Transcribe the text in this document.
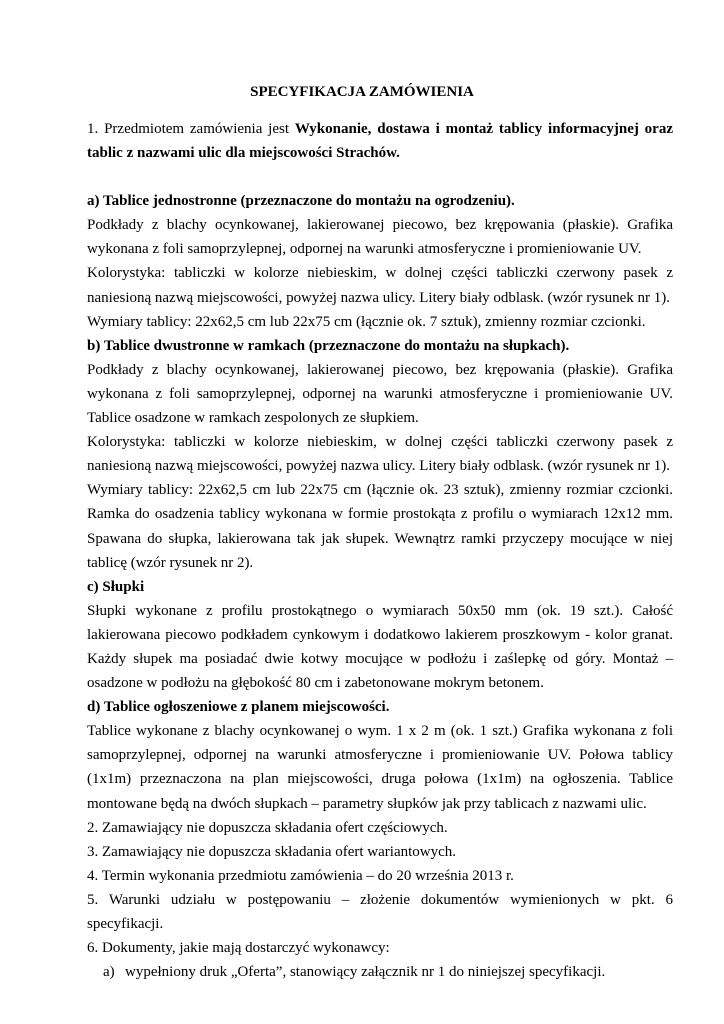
SPECYFIKACJA ZAMÓWIENIA

1. Przedmiotem zamówienia jest Wykonanie, dostawa i montaż tablicy informacyjnej oraz tablic z nazwami ulic dla miejscowości Strachów.

a) Tablice jednostronne (przeznaczone do montażu na ogrodzeniu).

Podkłady z blachy ocynkowanej, lakierowanej piecowo, bez krępowania (płaskie). Grafika wykonana z foli samoprzylepnej, odpornej na warunki atmosferyczne i promieniowanie UV.

Kolorystyka: tabliczki w kolorze niebieskim, w dolnej części tabliczki czerwony pasek z naniesioną nazwą miejscowości, powyżej nazwa ulicy. Litery biały odblask. (wzór rysunek nr 1).

Wymiary tablicy: 22x62,5 cm lub 22x75 cm (łącznie ok. 7 sztuk), zmienny rozmiar czcionki.

b) Tablice dwustronne w ramkach (przeznaczone do montażu na słupkach).

Podkłady z blachy ocynkowanej, lakierowanej piecowo, bez krępowania (płaskie). Grafika wykonana z foli samoprzylepnej, odpornej na warunki atmosferyczne i promieniowanie UV. Tablice osadzone w ramkach zespolonych ze słupkiem.

Kolorystyka: tabliczki w kolorze niebieskim, w dolnej części tabliczki czerwony pasek z naniesioną nazwą miejscowości, powyżej nazwa ulicy. Litery biały odblask. (wzór rysunek nr 1).

Wymiary tablicy: 22x62,5 cm lub 22x75 cm (łącznie ok. 23 sztuk), zmienny rozmiar czcionki. Ramka do osadzenia tablicy wykonana w formie prostokąta z profilu o wymiarach 12x12 mm. Spawana do słupka, lakierowana tak jak słupek. Wewnątrz ramki przyczepy mocujące w niej tablicę (wzór rysunek nr 2).

c) Słupki

Słupki wykonane z profilu prostokątnego o wymiarach 50x50 mm (ok. 19 szt.). Całość lakierowana piecowo podkładem cynkowym i dodatkowo lakierem proszkowym - kolor granat. Każdy słupek ma posiadać dwie kotwy mocujące w podłożu i zaślepkę od góry. Montaż – osadzone w podłożu na głębokość 80 cm i zabetonowane mokrym betonem.

d) Tablice ogłoszeniowe z planem miejscowości.

Tablice wykonane z blachy ocynkowanej o wym. 1 x 2 m (ok. 1 szt.) Grafika wykonana z foli samoprzylepnej, odpornej na warunki atmosferyczne i promieniowanie UV. Połowa tablicy (1x1m) przeznaczona na plan miejscowości, druga połowa (1x1m) na ogłoszenia. Tablice montowane będą na dwóch słupkach – parametry słupków jak przy tablicach z nazwami ulic.

2. Zamawiający nie dopuszcza składania ofert częściowych.

3. Zamawiający nie dopuszcza składania ofert wariantowych.

4. Termin wykonania przedmiotu zamówienia – do 20 września 2013 r.

5. Warunki udziału w postępowaniu – złożenie dokumentów wymienionych w pkt. 6 specyfikacji.

6. Dokumenty, jakie mają dostarczyć wykonawcy:

a) wypełniony druk „Oferta”, stanowiący załącznik nr 1 do niniejszej specyfikacji.
